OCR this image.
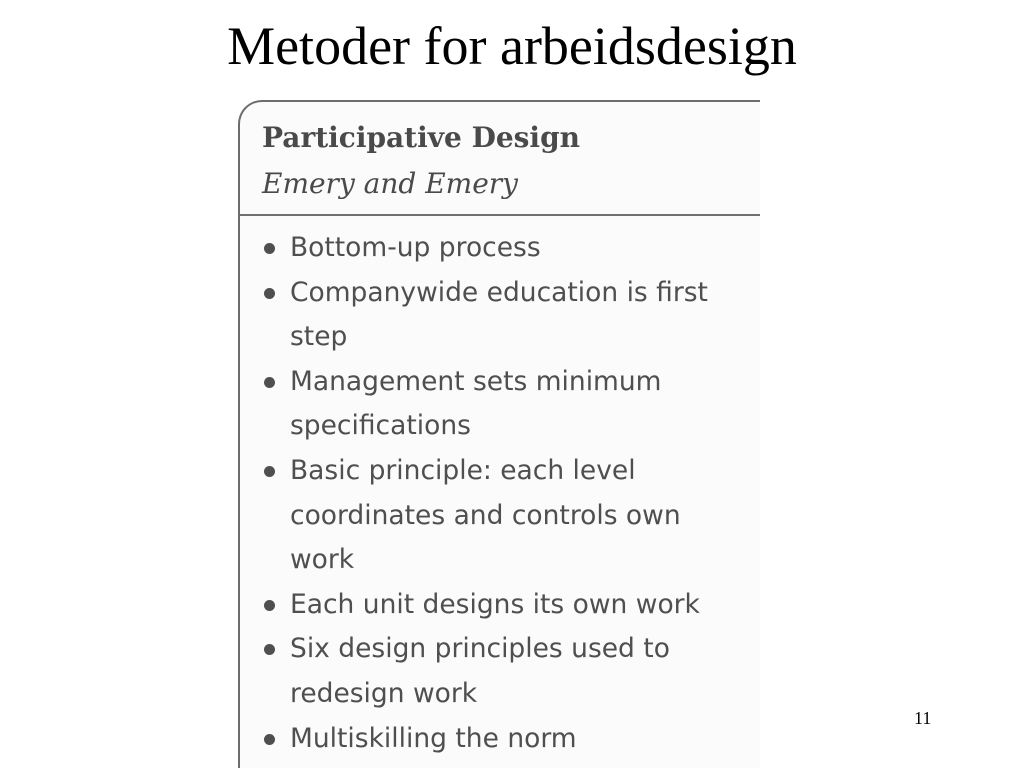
Metoder for arbeidsdesign
Participative Design
Emery and Emery
Bottom-up process
Companywide education is first
step
Management sets minimum
specifications
Basic principle: each level
coordinates and controls own
work
Each unit designs its own work
Six design principles used to
redesign work
Multiskilling the norm
11
